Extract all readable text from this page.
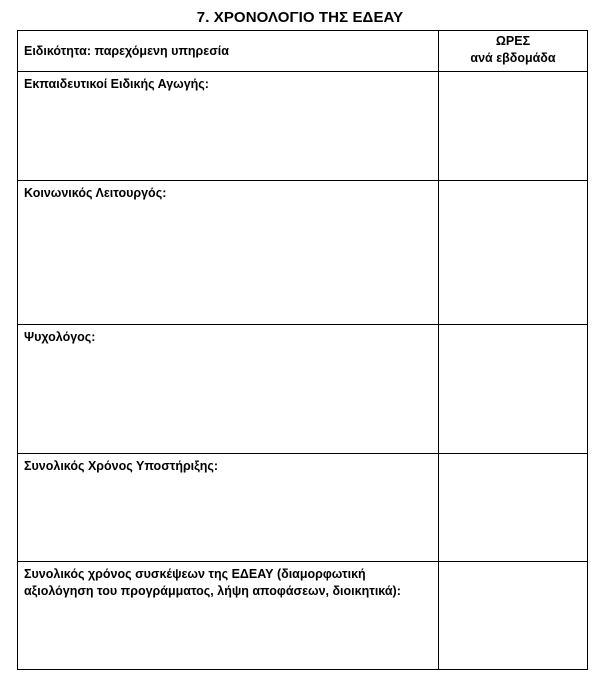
7. ΧΡΟΝΟΛΟΓΙΟ ΤΗΣ ΕΔΕΑΥ
Ειδικότητα: παρεχόμενη υπηρεσία	ΩΡΕΣ
ανά εβδομάδα

Εκπαιδευτικοί Ειδικής Αγωγής:	
Κοινωνικός Λειτουργός:	
Ψυχολόγος:	
Συνολικός Χρόνος Υποστήριξης:	
Συνολικός χρόνος συσκέψεων της ΕΔΕΑΥ (διαμορφωτική αξιολόγηση του προγράμματος, λήψη αποφάσεων, διοικητικά):	
